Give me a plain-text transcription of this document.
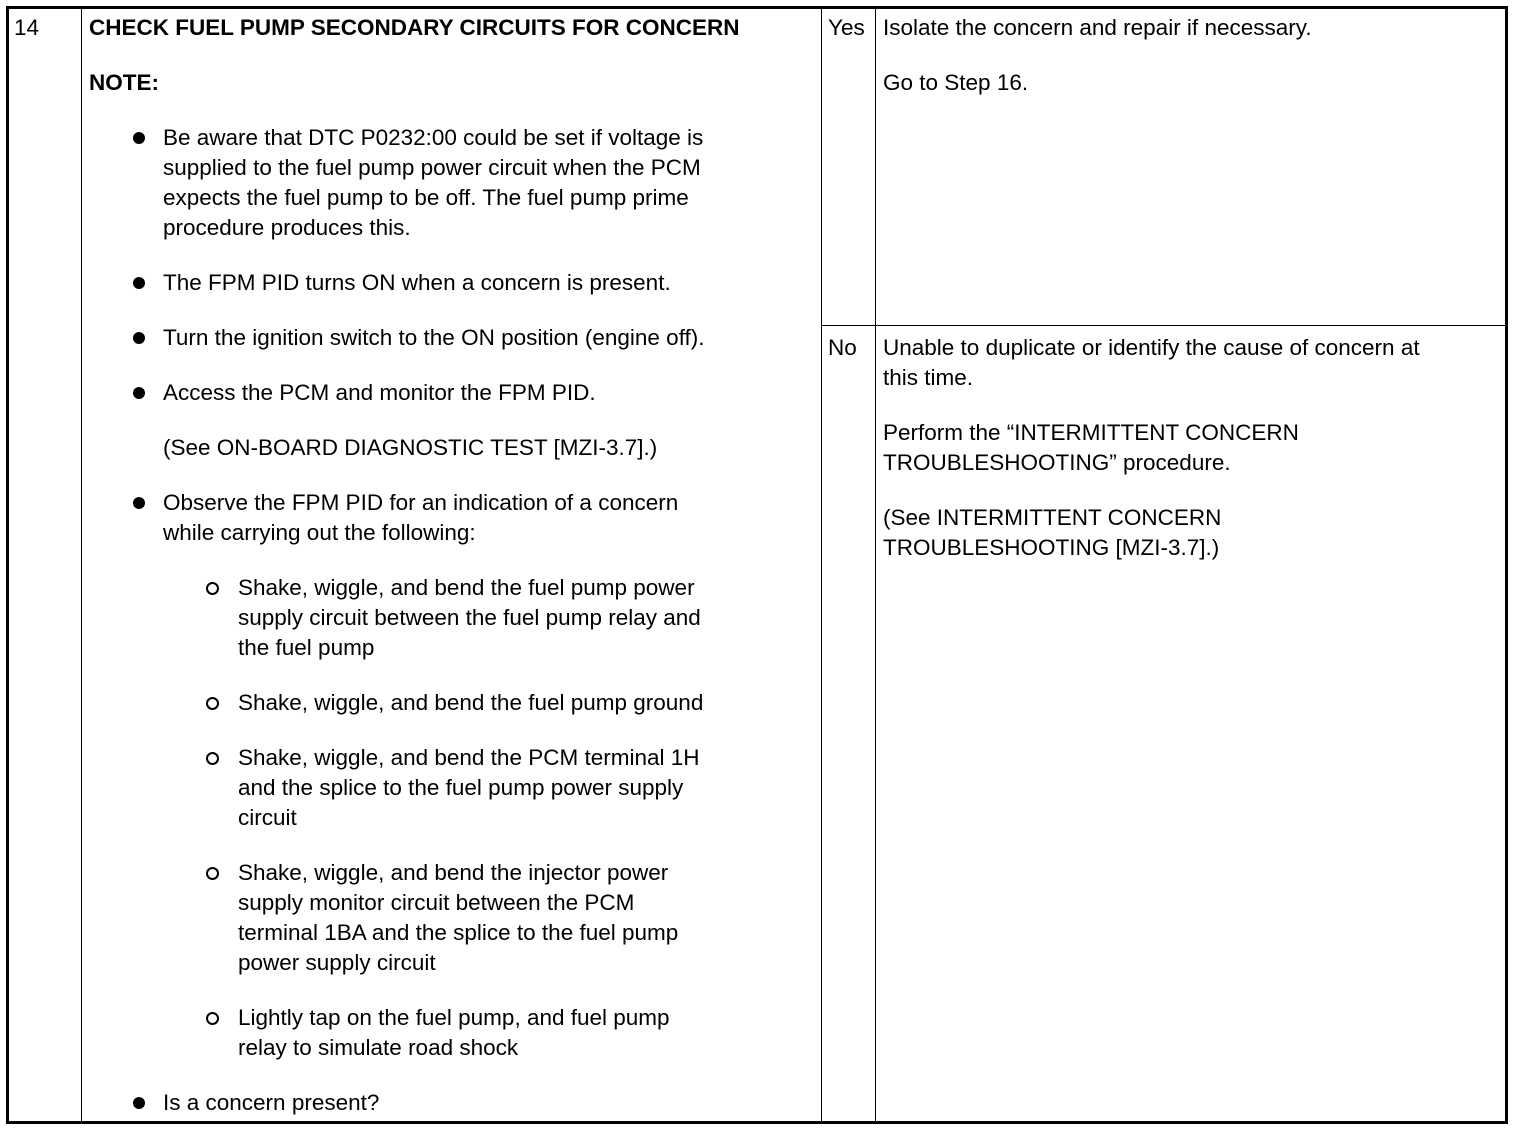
14 CHECK FUEL PUMP SECONDARY CIRCUITS FOR CONCERN
NOTE:
Be aware that DTC P0232:00 could be set if voltage is
supplied to the fuel pump power circuit when the PCM
expects the fuel pump to be off. The fuel pump prime
procedure produces this.
The FPM PID turns ON when a concern is present.
Turn the ignition switch to the ON position (engine off).
Access the PCM and monitor the FPM PID.
(See ON-BOARD DIAGNOSTIC TEST [MZI-3.7].)
Observe the FPM PID for an indication of a concern
while carrying out the following:
Shake, wiggle, and bend the fuel pump power
supply circuit between the fuel pump relay and
the fuel pump
Shake, wiggle, and bend the fuel pump ground
Shake, wiggle, and bend the PCM terminal 1H
and the splice to the fuel pump power supply
circuit
Shake, wiggle, and bend the injector power
supply monitor circuit between the PCM
terminal 1BA and the splice to the fuel pump
power supply circuit
Lightly tap on the fuel pump, and fuel pump
relay to simulate road shock
Is a concern present?
Yes Isolate the concern and repair if necessary.
Go to Step 16.
No Unable to duplicate or identify the cause of concern at
this time.
Perform the “INTERMITTENT CONCERN
TROUBLESHOOTING” procedure.
(See INTERMITTENT CONCERN
TROUBLESHOOTING [MZI-3.7].)
